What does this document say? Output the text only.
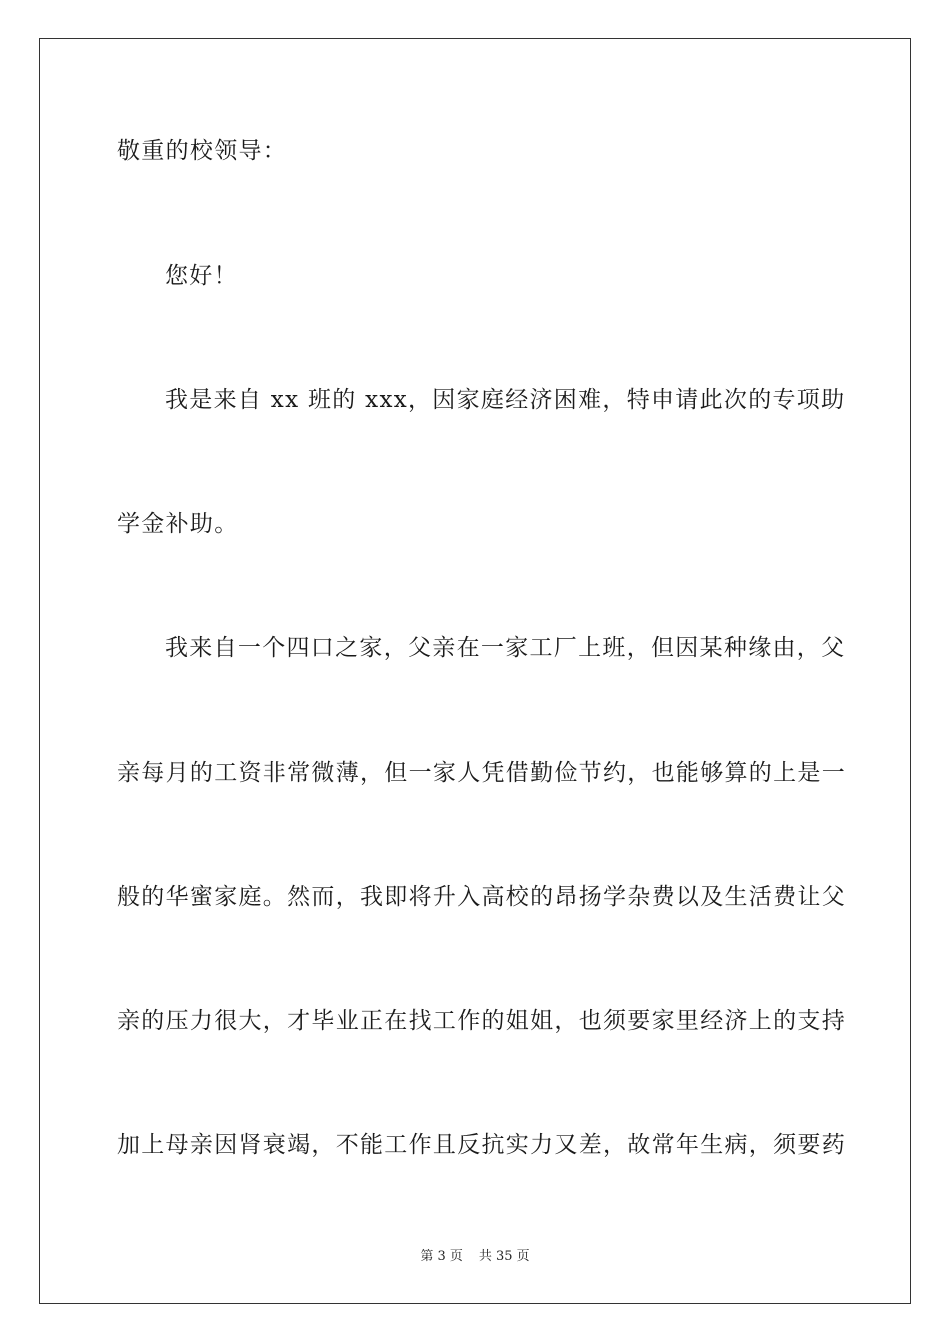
敬重的校领导：
您好！
我是来自 xx 班的 xxx，因家庭经济困难，特申请此次的专项助
学金补助。
我来自一个四口之家，父亲在一家工厂上班，但因某种缘由，父
亲每月的工资非常微薄，但一家人凭借勤俭节约，也能够算的上是一
般的华蜜家庭。然而，我即将升入高校的昂扬学杂费以及生活费让父
亲的压力很大，才毕业正在找工作的姐姐，也须要家里经济上的支持
加上母亲因肾衰竭，不能工作且反抗实力又差，故常年生病，须要药
第 3 页 共 35 页
